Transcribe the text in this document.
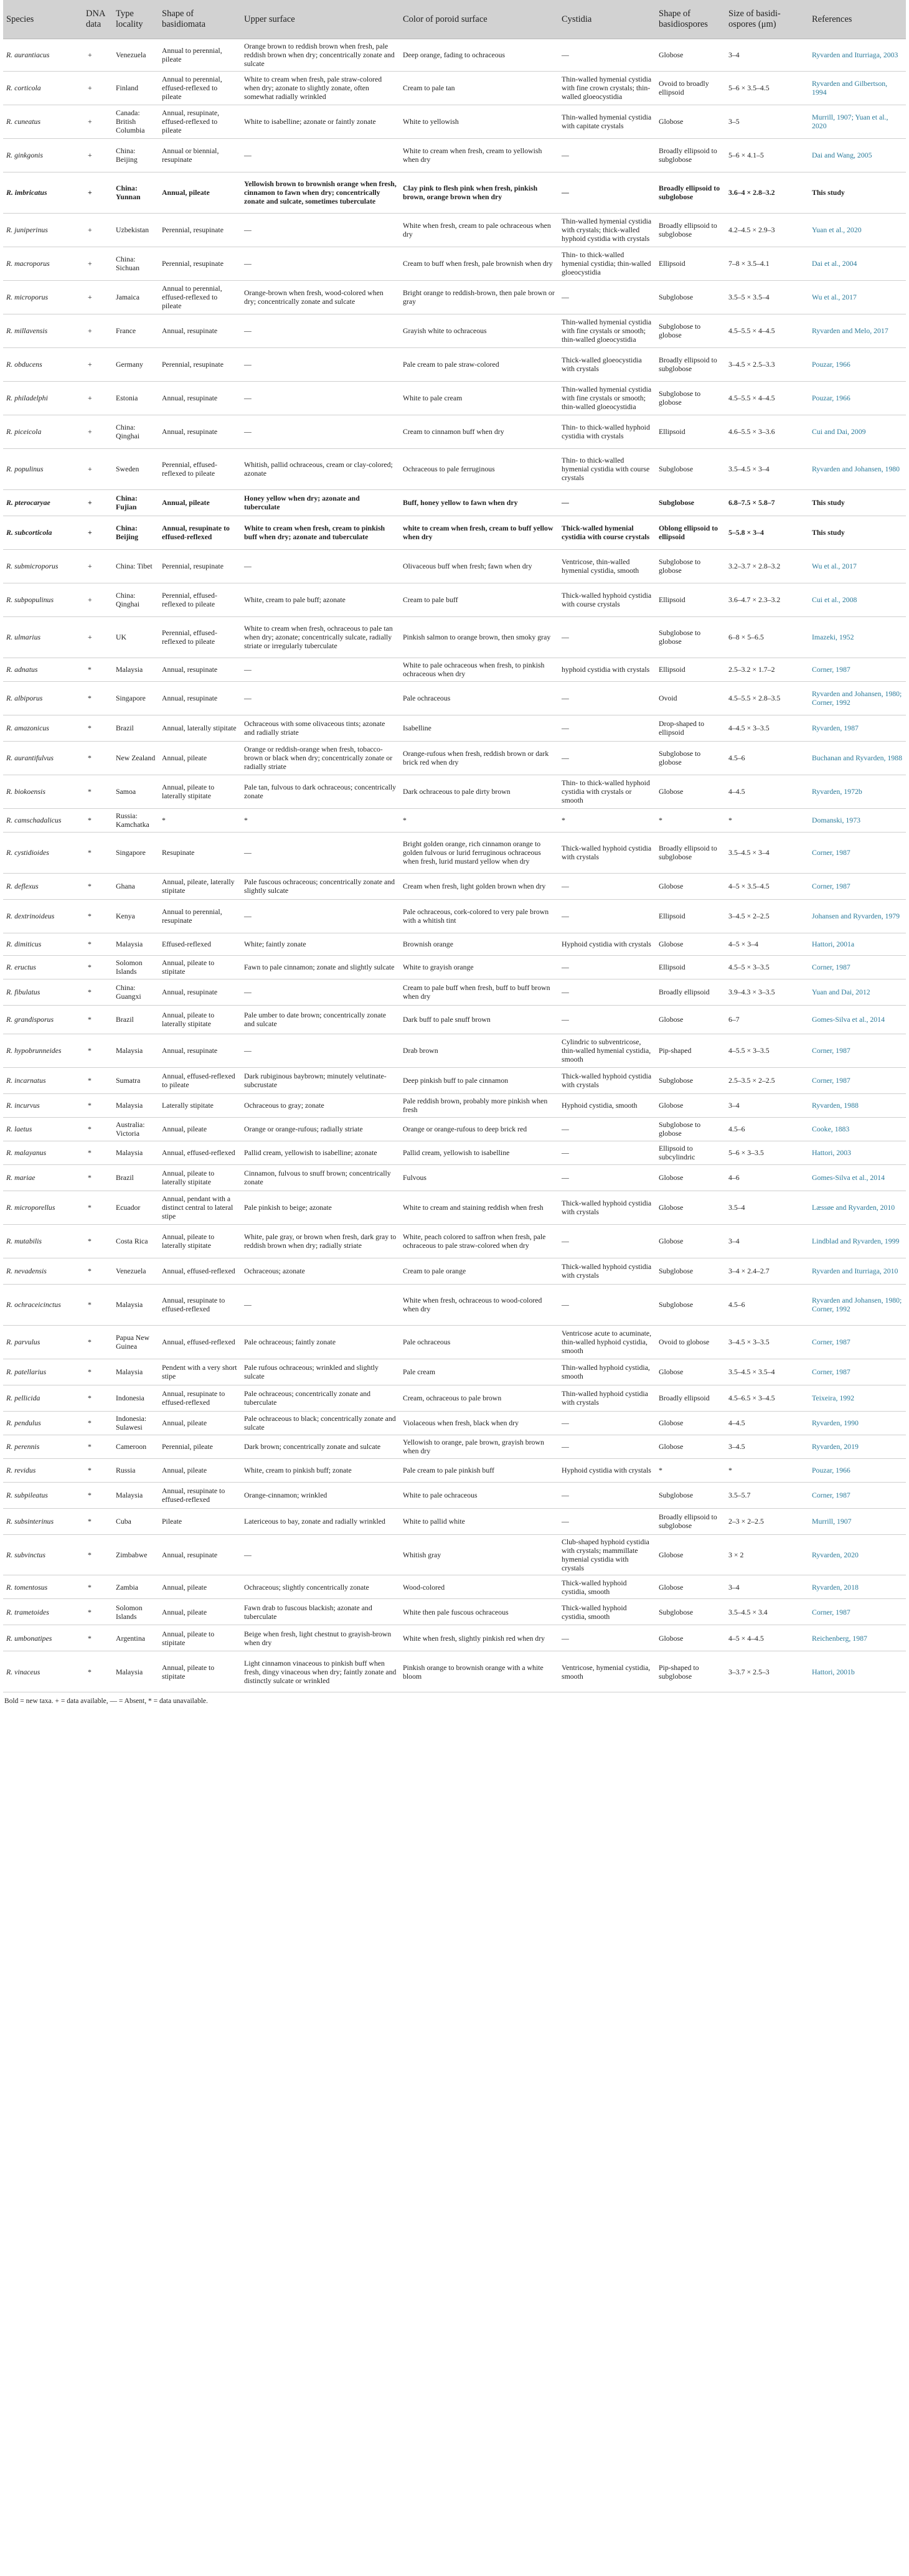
Species	DNA data	Type locality	Shape of basidiomata	Upper surface	Color of poroid surface	Cystidia	Shape of basidiospores	Size of basidi-ospores (μm)	References
R. aurantiacus	+	Venezuela	Annual to perennial, pileate	Orange brown to reddish brown when fresh, pale reddish brown when dry; concentrically zonate and sulcate	Deep orange, fading to ochraceous	—	Globose	3–4	Ryvarden and Iturriaga, 2003
R. corticola	+	Finland	Annual to perennial, effused-reflexed to pileate	White to cream when fresh, pale straw-colored when dry; azonate to slightly zonate, often somewhat radially wrinkled	Cream to pale tan	Thin-walled hymenial cystidia with fine crown crystals; thin-walled gloeocystidia	Ovoid to broadly ellipsoid	5–6 × 3.5–4.5	Ryvarden and Gilbertson, 1994
R. cuneatus	+	Canada: British Columbia	Annual, resupinate, effused-reflexed to pileate	White to isabelline; azonate or faintly zonate	White to yellowish	Thin-walled hymenial cystidia with capitate crystals	Globose	3–5	Murrill, 1907; Yuan et al., 2020
R. ginkgonis	+	China: Beijing	Annual or biennial, resupinate	—	White to cream when fresh, cream to yellowish when dry	—	Broadly ellipsoid to subglobose	5–6 × 4.1–5	Dai and Wang, 2005
R. imbricatus	+	China: Yunnan	Annual, pileate	Yellowish brown to brownish orange when fresh, cinnamon to fawn when dry; concentrically zonate and sulcate, sometimes tuberculate	Clay pink to flesh pink when fresh, pinkish brown, orange brown when dry	—	Broadly ellipsoid to subglobose	3.6–4 × 2.8–3.2	This study
R. juniperinus	+	Uzbekistan	Perennial, resupinate	—	White when fresh, cream to pale ochraceous when dry	Thin-walled hymenial cystidia with crystals; thick-walled hyphoid cystidia with crystals	Broadly ellipsoid to subglobose	4.2–4.5 × 2.9–3	Yuan et al., 2020
R. macroporus	+	China: Sichuan	Perennial, resupinate	—	Cream to buff when fresh, pale brownish when dry	Thin- to thick-walled hymenial cystidia; thin-walled gloeocystidia	Ellipsoid	7–8 × 3.5–4.1	Dai et al., 2004
R. microporus	+	Jamaica	Annual to perennial, effused-reflexed to pileate	Orange-brown when fresh, wood-colored when dry; concentrically zonate and sulcate	Bright orange to reddish-brown, then pale brown or gray	—	Subglobose	3.5–5 × 3.5–4	Wu et al., 2017
R. millavensis	+	France	Annual, resupinate	—	Grayish white to ochraceous	Thin-walled hymenial cystidia with fine crystals or smooth; thin-walled gloeocystidia	Subglobose to globose	4.5–5.5 × 4–4.5	Ryvarden and Melo, 2017
R. obducens	+	Germany	Perennial, resupinate	—	Pale cream to pale straw-colored	Thick-walled gloeocystidia with crystals	Broadly ellipsoid to subglobose	3–4.5 × 2.5–3.3	Pouzar, 1966
R. philadelphi	+	Estonia	Annual, resupinate	—	White to pale cream	Thin-walled hymenial cystidia with fine crystals or smooth; thin-walled gloeocystidia	Subglobose to globose	4.5–5.5 × 4–4.5	Pouzar, 1966
R. piceicola	+	China: Qinghai	Annual, resupinate	—	Cream to cinnamon buff when dry	Thin- to thick-walled hyphoid cystidia with crystals	Ellipsoid	4.6–5.5 × 3–3.6	Cui and Dai, 2009
R. populinus	+	Sweden	Perennial, effused-reflexed to pileate	Whitish, pallid ochraceous, cream or clay-colored; azonate	Ochraceous to pale ferruginous	Thin- to thick-walled hymenial cystidia with course crystals	Subglobose	3.5–4.5 × 3–4	Ryvarden and Johansen, 1980
R. pterocaryae	+	China: Fujian	Annual, pileate	Honey yellow when dry; azonate and tuberculate	Buff, honey yellow to fawn when dry	—	Subglobose	6.8–7.5 × 5.8–7	This study
R. subcorticola	+	China: Beijing	Annual, resupinate to effused-reflexed	White to cream when fresh, cream to pinkish buff when dry; azonate and tuberculate	white to cream when fresh, cream to buff yellow when dry	Thick-walled hymenial cystidia with course crystals	Oblong ellipsoid to ellipsoid	5–5.8 × 3–4	This study
R. submicroporus	+	China: Tibet	Perennial, resupinate	—	Olivaceous buff when fresh; fawn when dry	Ventricose, thin-walled hymenial cystidia, smooth	Subglobose to globose	3.2–3.7 × 2.8–3.2	Wu et al., 2017
R. subpopulinus	+	China: Qinghai	Perennial, effused-reflexed to pileate	White, cream to pale buff; azonate	Cream to pale buff	Thick-walled hyphoid cystidia with course crystals	Ellipsoid	3.6–4.7 × 2.3–3.2	Cui et al., 2008
R. ulmarius	+	UK	Perennial, effused-reflexed to pileate	White to cream when fresh, ochraceous to pale tan when dry; azonate; concentrically sulcate, radially striate or irregularly tuberculate	Pinkish salmon to orange brown, then smoky gray	—	Subglobose to globose	6–8 × 5–6.5	Imazeki, 1952
R. adnatus	*	Malaysia	Annual, resupinate	—	White to pale ochraceous when fresh, to pinkish ochraceous when dry	hyphoid cystidia with crystals	Ellipsoid	2.5–3.2 × 1.7–2	Corner, 1987
R. albiporus	*	Singapore	Annual, resupinate	—	Pale ochraceous	—	Ovoid	4.5–5.5 × 2.8–3.5	Ryvarden and Johansen, 1980; Corner, 1992
R. amazonicus	*	Brazil	Annual, laterally stipitate	Ochraceous with some olivaceous tints; azonate and radially striate	Isabelline	—	Drop-shaped to ellipsoid	4–4.5 × 3–3.5	Ryvarden, 1987
R. aurantifulvus	*	New Zealand	Annual, pileate	Orange or reddish-orange when fresh, tobacco-brown or black when dry; concentrically zonate or radially striate	Orange-rufous when fresh, reddish brown or dark brick red when dry	—	Subglobose to globose	4.5–6	Buchanan and Ryvarden, 1988
R. biokoensis	*	Samoa	Annual, pileate to laterally stipitate	Pale tan, fulvous to dark ochraceous; concentrically zonate	Dark ochraceous to pale dirty brown	Thin- to thick-walled hyphoid cystidia with crystals or smooth	Globose	4–4.5	Ryvarden, 1972b
R. camschadalicus	*	Russia: Kamchatka	*	*	*	*	*	*	Domanski, 1973
R. cystidioides	*	Singapore	Resupinate	—	Bright golden orange, rich cinnamon orange to golden fulvous or lurid ferruginous ochraceous when fresh, lurid mustard yellow when dry	Thick-walled hyphoid cystidia with crystals	Broadly ellipsoid to subglobose	3.5–4.5 × 3–4	Corner, 1987
R. deflexus	*	Ghana	Annual, pileate, laterally stipitate	Pale fuscous ochraceous; concentrically zonate and slightly sulcate	Cream when fresh, light golden brown when dry	—	Globose	4–5 × 3.5–4.5	Corner, 1987
R. dextrinoideus	*	Kenya	Annual to perennial, resupinate	—	Pale ochraceous, cork-colored to very pale brown with a whitish tint	—	Ellipsoid	3–4.5 × 2–2.5	Johansen and Ryvarden, 1979
R. dimiticus	*	Malaysia	Effused-reflexed	White; faintly zonate	Brownish orange	Hyphoid cystidia with crystals	Globose	4–5 × 3–4	Hattori, 2001a
R. eructus	*	Solomon Islands	Annual, pileate to stipitate	Fawn to pale cinnamon; zonate and slightly sulcate	White to grayish orange	—	Ellipsoid	4.5–5 × 3–3.5	Corner, 1987
R. fibulatus	*	China: Guangxi	Annual, resupinate	—	Cream to pale buff when fresh, buff to buff brown when dry	—	Broadly ellipsoid	3.9–4.3 × 3–3.5	Yuan and Dai, 2012
R. grandisporus	*	Brazil	Annual, pileate to laterally stipitate	Pale umber to date brown; concentrically zonate and sulcate	Dark buff to pale snuff brown	—	Globose	6–7	Gomes-Silva et al., 2014
R. hypobrunneides	*	Malaysia	Annual, resupinate	—	Drab brown	Cylindric to subventricose, thin-walled hymenial cystidia, smooth	Pip-shaped	4–5.5 × 3–3.5	Corner, 1987
R. incarnatus	*	Sumatra	Annual, effused-reflexed to pileate	Dark rubiginous baybrown; minutely velutinate-subcrustate	Deep pinkish buff to pale cinnamon	Thick-walled hyphoid cystidia with crystals	Subglobose	2.5–3.5 × 2–2.5	Corner, 1987
R. incurvus	*	Malaysia	Laterally stipitate	Ochraceous to gray; zonate	Pale reddish brown, probably more pinkish when fresh	Hyphoid cystidia, smooth	Globose	3–4	Ryvarden, 1988
R. laetus	*	Australia: Victoria	Annual, pileate	Orange or orange-rufous; radially striate	Orange or orange-rufous to deep brick red	—	Subglobose to globose	4.5–6	Cooke, 1883
R. malayanus	*	Malaysia	Annual, effused-reflexed	Pallid cream, yellowish to isabelline; azonate	Pallid cream, yellowish to isabelline	—	Ellipsoid to subcylindric	5–6 × 3–3.5	Hattori, 2003
R. mariae	*	Brazil	Annual, pileate to laterally stipitate	Cinnamon, fulvous to snuff brown; concentrically zonate	Fulvous	—	Globose	4–6	Gomes-Silva et al., 2014
R. microporellus	*	Ecuador	Annual, pendant with a distinct central to lateral stipe	Pale pinkish to beige; azonate	White to cream and staining reddish when fresh	Thick-walled hyphoid cystidia with crystals	Globose	3.5–4	Læssøe and Ryvarden, 2010
R. mutabilis	*	Costa Rica	Annual, pileate to laterally stipitate	White, pale gray, or brown when fresh, dark gray to reddish brown when dry; radially striate	White, peach colored to saffron when fresh, pale ochraceous to pale straw-colored when dry	—	Globose	3–4	Lindblad and Ryvarden, 1999
R. nevadensis	*	Venezuela	Annual, effused-reflexed	Ochraceous; azonate	Cream to pale orange	Thick-walled hyphoid cystidia with crystals	Subglobose	3–4 × 2.4–2.7	Ryvarden and Iturriaga, 2010
R. ochraceicinctus	*	Malaysia	Annual, resupinate to effused-reflexed	—	White when fresh, ochraceous to wood-colored when dry	—	Subglobose	4.5–6	Ryvarden and Johansen, 1980; Corner, 1992
R. parvulus	*	Papua New Guinea	Annual, effused-reflexed	Pale ochraceous; faintly zonate	Pale ochraceous	Ventricose acute to acuminate, thin-walled hyphoid cystidia, smooth	Ovoid to globose	3–4.5 × 3–3.5	Corner, 1987
R. patellarius	*	Malaysia	Pendent with a very short stipe	Pale rufous ochraceous; wrinkled and slightly sulcate	Pale cream	Thin-walled hyphoid cystidia, smooth	Globose	3.5–4.5 × 3.5–4	Corner, 1987
R. pellicida	*	Indonesia	Annual, resupinate to effused-reflexed	Pale ochraceous; concentrically zonate and tuberculate	Cream, ochraceous to pale brown	Thin-walled hyphoid cystidia with crystals	Broadly ellipsoid	4.5–6.5 × 3–4.5	Teixeira, 1992
R. pendulus	*	Indonesia: Sulawesi	Annual, pileate	Pale ochraceous to black; concentrically zonate and sulcate	Violaceous when fresh, black when dry	—	Globose	4–4.5	Ryvarden, 1990
R. perennis	*	Cameroon	Perennial, pileate	Dark brown; concentrically zonate and sulcate	Yellowish to orange, pale brown, grayish brown when dry	—	Globose	3–4.5	Ryvarden, 2019
R. revidus	*	Russia	Annual, pileate	White, cream to pinkish buff; zonate	Pale cream to pale pinkish buff	Hyphoid cystidia with crystals	*	*	Pouzar, 1966
R. subpileatus	*	Malaysia	Annual, resupinate to effused-reflexed	Orange-cinnamon; wrinkled	White to pale ochraceous	—	Subglobose	3.5–5.7	Corner, 1987
R. subsinterinus	*	Cuba	Pileate	Latericeous to bay, zonate and radially wrinkled	White to pallid white	—	Broadly ellipsoid to subglobose	2–3 × 2–2.5	Murrill, 1907
R. subvinctus	*	Zimbabwe	Annual, resupinate	—	Whitish gray	Club-shaped hyphoid cystidia with crystals; mammillate hymenial cystidia with crystals	Globose	3 × 2	Ryvarden, 2020
R. tomentosus	*	Zambia	Annual, pileate	Ochraceous; slightly concentrically zonate	Wood-colored	Thick-walled hyphoid cystidia, smooth	Globose	3–4	Ryvarden, 2018
R. trametoides	*	Solomon Islands	Annual, pileate	Fawn drab to fuscous blackish; azonate and tuberculate	White then pale fuscous ochraceous	Thick-walled hyphoid cystidia, smooth	Subglobose	3.5–4.5 × 3.4	Corner, 1987
R. umbonatipes	*	Argentina	Annual, pileate to stipitate	Beige when fresh, light chestnut to grayish-brown when dry	White when fresh, slightly pinkish red when dry	—	Globose	4–5 × 4–4.5	Reichenberg, 1987
R. vinaceus	*	Malaysia	Annual, pileate to stipitate	Light cinnamon vinaceous to pinkish buff when fresh, dingy vinaceous when dry; faintly zonate and distinctly sulcate or wrinkled	Pinkish orange to brownish orange with a white bloom	Ventricose, hymenial cystidia, smooth	Pip-shaped to subglobose	3–3.7 × 2.5–3	Hattori, 2001b
Bold = new taxa. + = data available, — = Absent, * = data unavailable.
